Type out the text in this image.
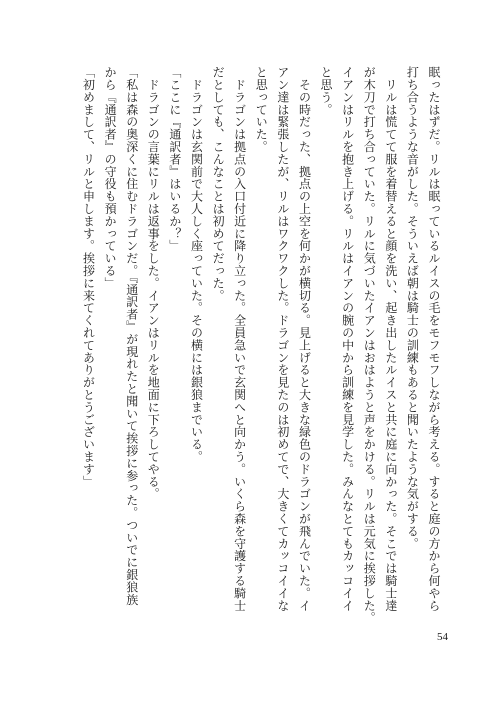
眠ったはずだ。リルは眠っているルイスの毛をモフモフしながら考える。すると庭の方から何やら
打ち合うような音がした。そういえば朝は騎士の訓練もあると聞いたような気がする。
　リルは慌てて服を着替えると顔を洗い、起き出したルイスと共に庭に向かった。そこでは騎士達
が木刀で打ち合っていた。リルに気づいたイアンはおはようと声をかける。リルは元気に挨拶した。
イアンはリルを抱き上げる。リルはイアンの腕の中から訓練を見学した。みんなとてもカッコイイ
と思う。
　その時だった、拠点の上空を何かが横切る。見上げると大きな緑色のドラゴンが飛んでいた。イ
アン達は緊張したが、リルはワクワクした。ドラゴンを見たのは初めてで、大きくてカッコイイな
と思っていた。
　ドラゴンは拠点の入口付近に降り立った。全員急いで玄関へと向かう。いくら森を守護する騎士
だとしても、こんなことは初めてだった。
　ドラゴンは玄関前で大人しく座っていた。その横には銀狼までいる。
「ここに『通訳者』はいるか？」
　ドラゴンの言葉にリルは返事をした。イアンはリルを地面に下ろしてやる。
「私は森の奥深くに住むドラゴンだ。『通訳者』が現れたと聞いて挨拶に参った。ついでに銀狼族
から『通訳者』の守役も預かっている」
「初めまして、リルと申します。挨拶に来てくれてありがとうございます」
54
